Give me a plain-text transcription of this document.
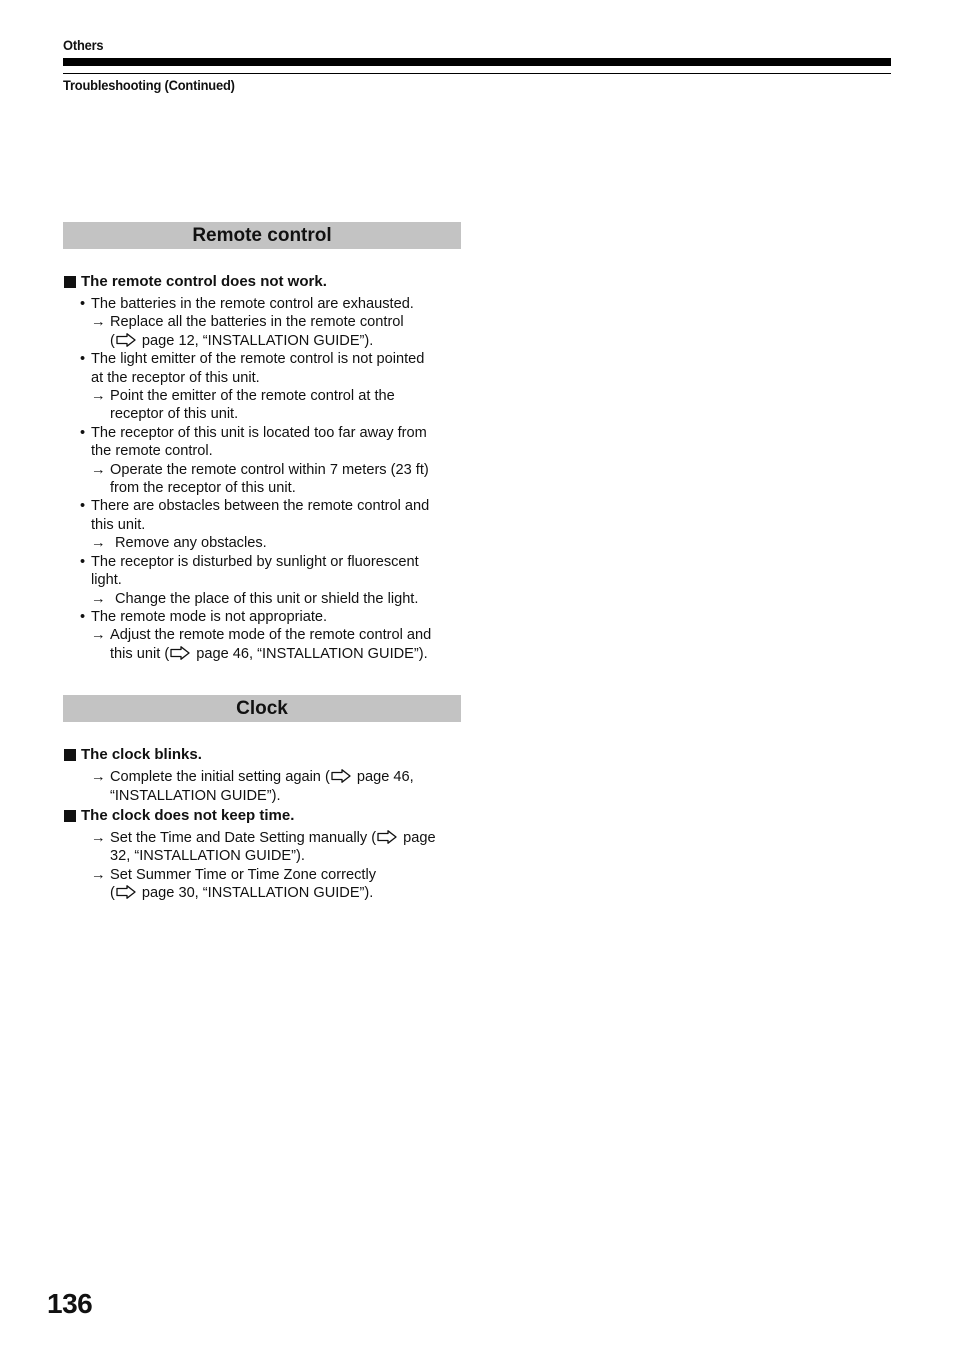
Others
Troubleshooting (Continued)
Remote control

The remote control does not work.

• The batteries in the remote control are exhausted.

→ Replace all the batteries in the remote control
(
page 12, “INSTALLATION GUIDE”).

• The light emitter of the remote control is not pointed
at the receptor of this unit.

→ Point the emitter of the remote control at the
receptor of this unit.

• The receptor of this unit is located too far away from
the remote control.

→ Operate the remote control within 7 meters (23 ft)
from the receptor of this unit.

• There are obstacles between the remote control and
this unit.

→ Remove any obstacles.

• The receptor is disturbed by sunlight or fluorescent
light.

→ Change the place of this unit or shield the light.

• The remote mode is not appropriate.

→ Adjust the remote mode of the remote control and
this unit (
page 46, “INSTALLATION GUIDE”).

Clock

The clock blinks.

→ Complete the initial setting again (
page 46,
“INSTALLATION GUIDE”).

The clock does not keep time.

→ Set the Time and Date Setting manually (
page
32, “INSTALLATION GUIDE”).

→ Set Summer Time or Time Zone correctly
(
page 30, “INSTALLATION GUIDE”).

136
